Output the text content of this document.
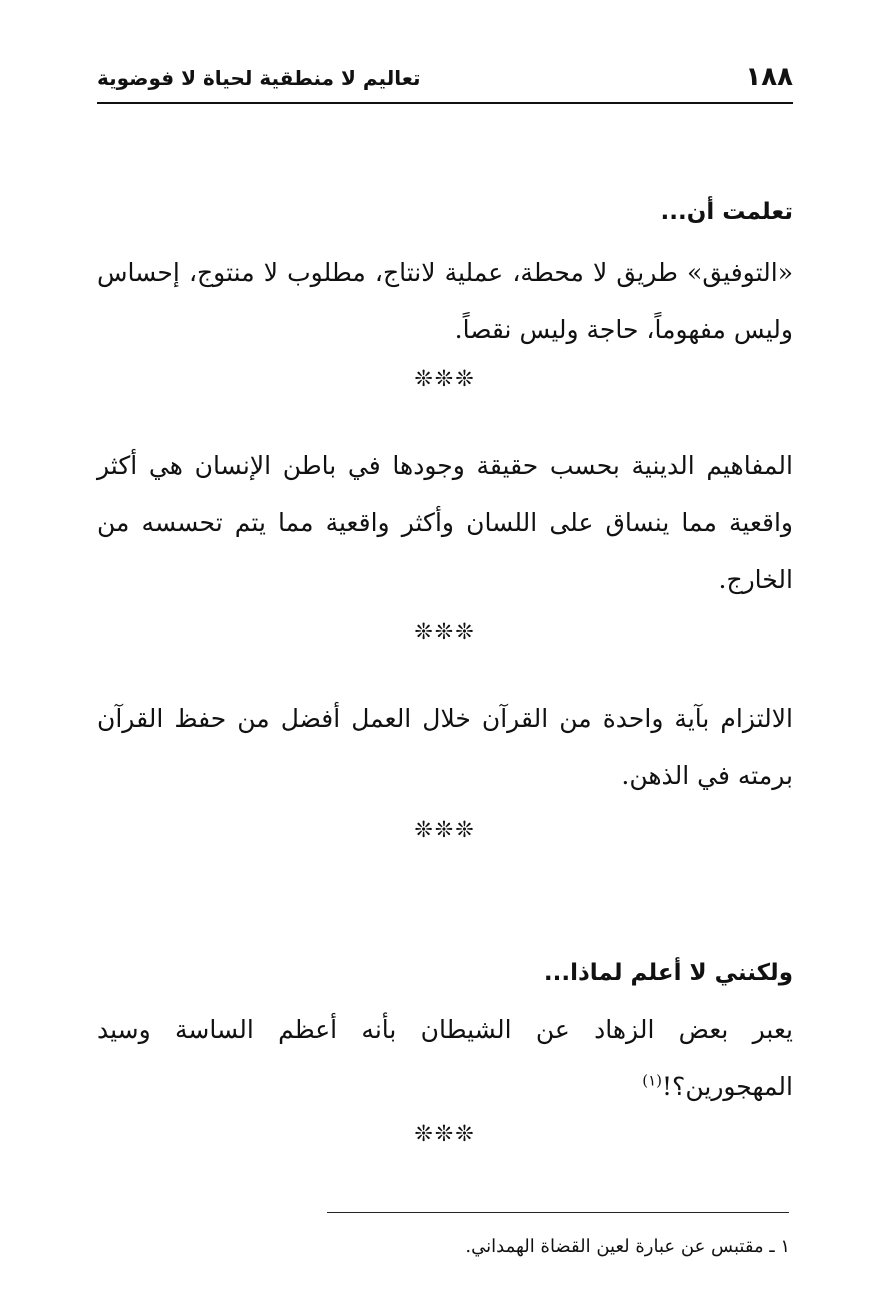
١٨٨
تعاليم لا منطقية لحياة لا فوضوية

تعلمت أن...

«التوفيق» طريق لا محطة، عملية لانتاج، مطلوب لا منتوج، إحساس وليس مفهوماً، حاجة وليس نقصاً.

❊❊❊

المفاهيم الدينية بحسب حقيقة وجودها في باطن الإنسان هي أكثر واقعية مما ينساق على اللسان وأكثر واقعية مما يتم تحسسه من الخارج.

❊❊❊

الالتزام بآية واحدة من القرآن خلال العمل أفضل من حفظ القرآن برمته في الذهن.

❊❊❊

ولكنني لا أعلم لماذا...

يعبر بعض الزهاد عن الشيطان بأنه أعظم الساسة وسيد المهجورين؟!$^{(١)}$

❊❊❊

١ ـ مقتبس عن عبارة لعين القضاة الهمداني.
